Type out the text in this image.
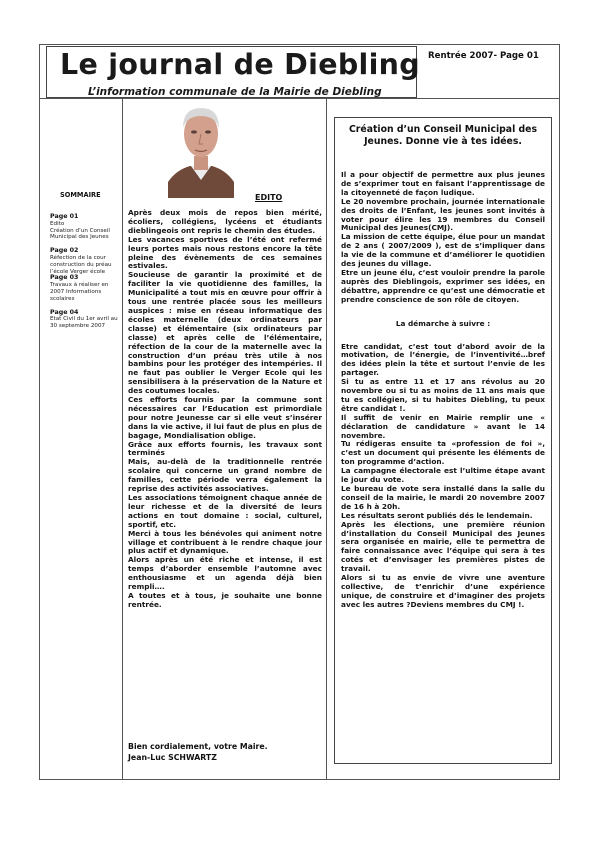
Le journal de Diebling
L’information communale de la Mairie de Diebling
Rentrée 2007- Page 01
SOMMAIRE
Page 01
Edito
Création d’un Conseil Municipal des Jeunes
Page 02
Réfection de la cour construction du préau l’école Verger école
Page 03
Travaux à réaliser en 2007 Informations scolaires
Page 04
Etat Civil du 1er avril au 30 septembre 2007
EDITO

Après deux mois de repos bien mérité, écoliers, collégiens, lycéens et étudiants dieblingeois ont repris le chemin des études.

Les vacances sportives de l’été ont refermé leurs portes mais nous restons encore la tête pleine des évènements de ces semaines estivales.

Soucieuse de garantir la proximité et de faciliter la vie quotidienne des familles, la Municipalité a tout mis en œuvre pour offrir à tous une rentrée placée sous les meilleurs auspices : mise en réseau informatique des écoles maternelle (deux ordinateurs par classe) et élémentaire (six ordinateurs par classe) et après celle de l’élémentaire, réfection de la cour de la maternelle avec la construction d’un préau très utile à nos bambins pour les protéger des intempéries. Il ne faut pas oublier le Verger Ecole qui les sensibilisera à la préservation de la Nature et des coutumes locales.

Ces efforts fournis par la commune sont nécessaires car l’Education est primordiale pour notre Jeunesse car si elle veut s’insérer dans la vie active, il lui faut de plus en plus de bagage, Mondialisation oblige.

Grâce aux efforts fournis, les travaux sont terminés

Mais, au-delà de la traditionnelle rentrée scolaire qui concerne un grand nombre de familles, cette période verra également la reprise des activités associatives.

Les associations témoignent chaque année de leur richesse et de la diversité de leurs actions en tout domaine : social, culturel, sportif, etc.

Merci à tous les bénévoles qui animent notre village et contribuent à le rendre chaque jour plus actif et dynamique.

Alors après un été riche et intense, il est temps d’aborder ensemble l’automne avec enthousiasme et un agenda déjà bien rempli….

A toutes et à tous, je souhaite une bonne rentrée.

Bien cordialement, votre Maire.
Jean-Luc SCHWARTZ
Création d’un Conseil Municipal des Jeunes. Donne vie à tes idées.

Il a pour objectif de permettre aux plus jeunes de s’exprimer tout en faisant l’apprentissage de la citoyenneté de façon ludique.

Le 20 novembre prochain, journée internationale des droits de l’Enfant, les jeunes sont invités à voter pour élire les 19 membres du Conseil Municipal des Jeunes(CMJ).

La mission de cette équipe, élue pour un mandat de 2 ans ( 2007/2009 ), est de s’impliquer dans la vie de la commune et d’améliorer le quotidien des jeunes du village.

Etre un jeune élu, c’est vouloir prendre la parole auprès des Dieblingois, exprimer ses idées, en débattre, apprendre ce qu’est une démocratie et prendre conscience de son rôle de citoyen.

La démarche à suivre :

Etre candidat, c’est tout d’abord avoir de la motivation, de l’énergie, de l’inventivité…bref des idées plein la tête et surtout l’envie de les partager.

Si tu as entre 11 et 17 ans révolus au 20 novembre ou si tu as moins de 11 ans mais que tu es collégien, si tu habites Diebling, tu peux être candidat !.

Il suffit de venir en Mairie remplir une « déclaration de candidature » avant le 14 novembre.

Tu rédigeras ensuite ta «profession de foi », c’est un document qui présente les éléments de ton programme d’action.

La campagne électorale est l’ultime étape avant le jour du vote.

Le bureau de vote sera installé dans la salle du conseil de la mairie, le mardi 20 novembre 2007 de 16 h à 20h.

Les résultats seront publiés dés le lendemain.

Après les élections, une première réunion d’installation du Conseil Municipal des Jeunes sera organisée en mairie, elle te permettra de faire connaissance avec l’équipe qui sera à tes cotés et d’envisager les premières pistes de travail.

Alors si tu as envie de vivre une aventure collective, de t’enrichir d’une expérience unique, de construire et d’imaginer des projets avec les autres ?Deviens membres du CMJ !.
